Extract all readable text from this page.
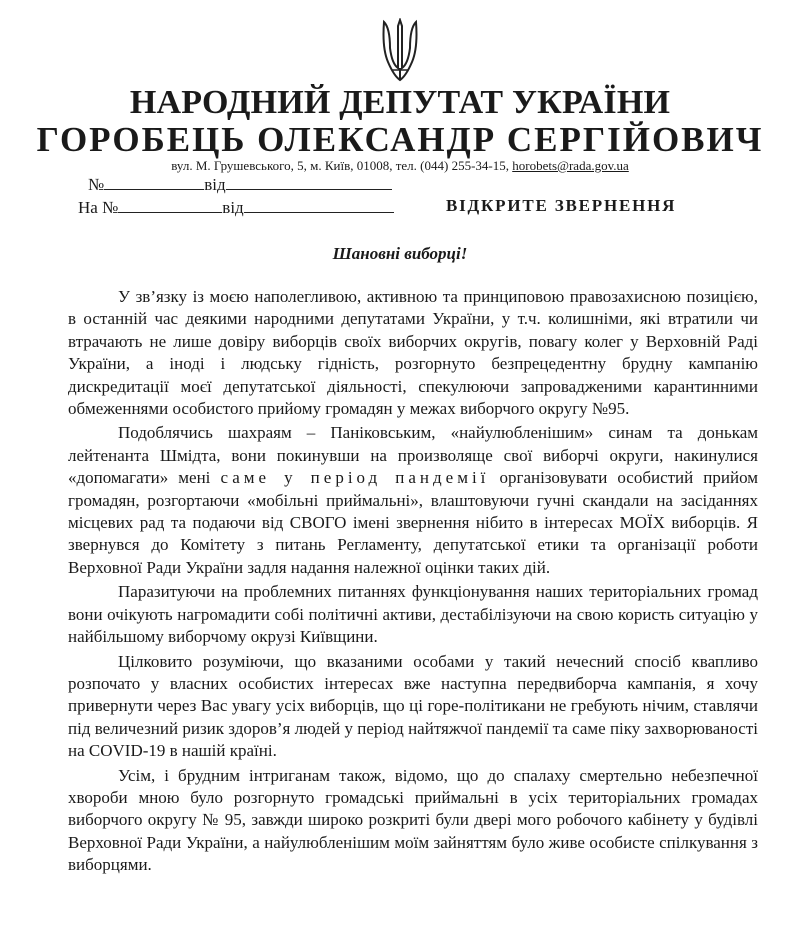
НАРОДНИЙ ДЕПУТАТ УКРАЇНИ
ГОРОБЕЦЬ ОЛЕКСАНДР СЕРГІЙОВИЧ
вул. М. Грушевського, 5, м. Київ, 01008, тел. (044) 255-34-15, horobets@rada.gov.ua
№	від
На №	від	ВІДКРИТЕ ЗВЕРНЕННЯ
Шановні виборці!

У зв’язку із моєю наполегливою, активною та принциповою правозахисною позицією, в останній час деякими народними депутатами України, у т.ч. колишніми, які втратили чи втрачають не лише довіру виборців своїх виборчих округів, повагу колег у Верховній Раді України, а іноді і людську гідність, розгорнуто безпрецедентну брудну кампанію дискредитації моєї депутатської діяльності, спекулюючи запровадженими карантинними обмеженнями особистого прийому громадян у межах виборчого округу №95.

Подоблячись шахраям – Паніковським, «найулюбленішим» синам та донькам лейтенанта Шмідта, вони покинувши на произволяще свої виборчі округи, накинулися «допомагати» мені саме у період пандемії організовувати особистий прийом громадян, розгортаючи «мобільні приймальні», влаштовуючи гучні скандали на засіданнях місцевих рад та подаючи від СВОГО імені звернення нібито в інтересах МОЇХ виборців. Я звернувся до Комітету з питань Регламенту, депутатської етики та організації роботи Верховної Ради України задля надання належної оцінки таких дій.

Паразитуючи на проблемних питаннях функціонування наших територіальних громад вони очікують нагромадити собі політичні активи, дестабілізуючи на свою користь ситуацію у найбільшому виборчому окрузі Київщини.

Цілковито розуміючи, що вказаними особами у такий нечесний спосіб квапливо розпочато у власних особистих інтересах вже наступна передвиборча кампанія, я хочу привернути через Вас увагу усіх виборців, що ці горе-політикани не гребують нічим, ставлячи під величезний ризик здоров’я людей у період найтяжчої пандемії та саме піку захворюваності на COVID-19 в нашій країні.

Усім, і брудним інтриганам також, відомо, що до спалаху смертельно небезпечної хвороби мною було розгорнуто громадські приймальні в усіх територіальних громадах виборчого округу № 95, завжди широко розкриті були двері мого робочого кабінету у будівлі Верховної Ради України, а найулюбленішим моїм зайняттям було живе особисте спілкування з виборцями.
